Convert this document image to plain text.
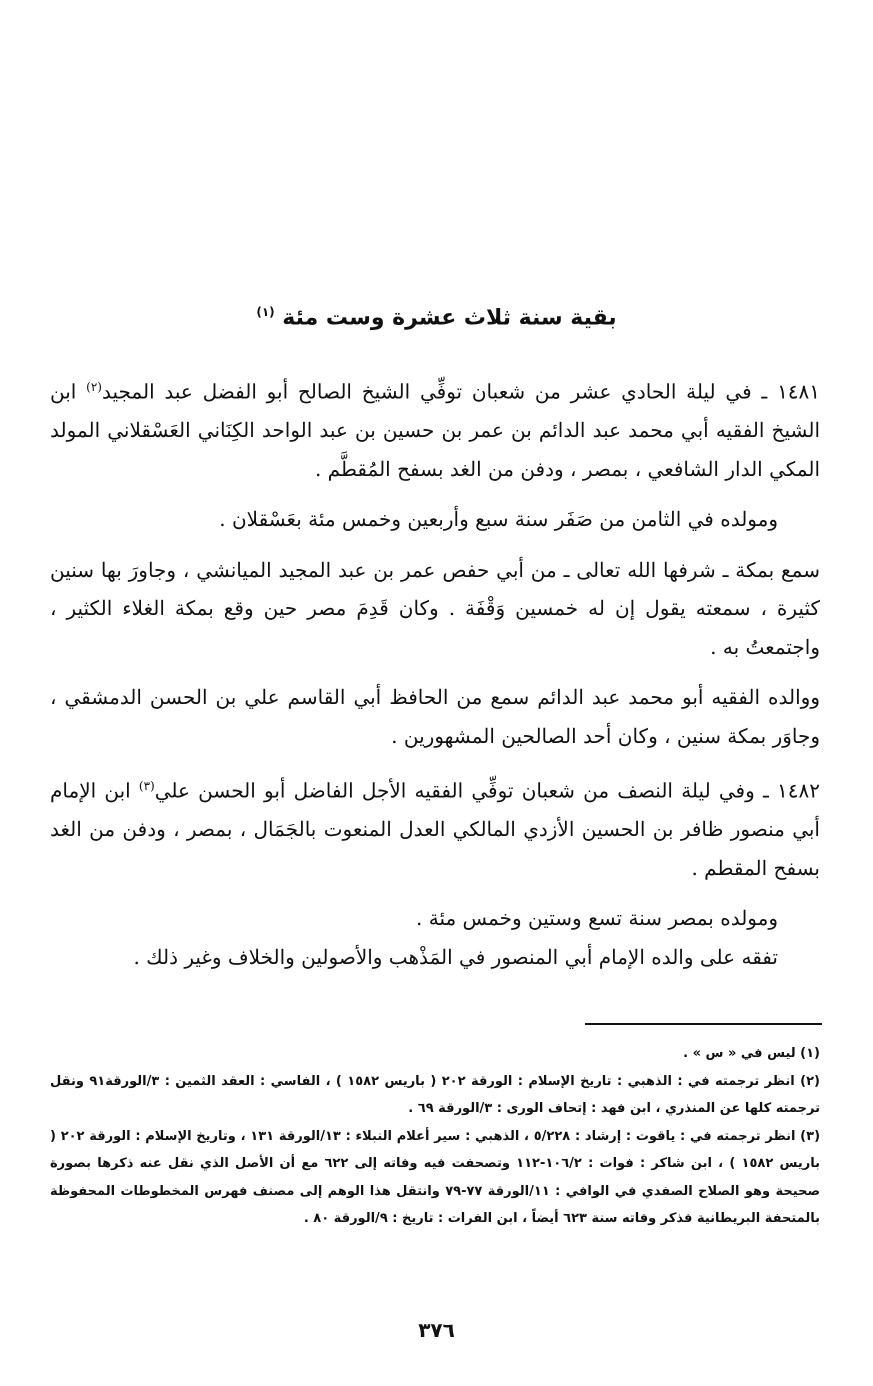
بقية سنة ثلاث عشرة وست مئة $^{(١)}$

١٤٨١ ـ في ليلة الحادي عشر من شعبان توفِّي الشيخ الصالح أبو الفضل عبد المجيد$^{(٢)}$ ابن الشيخ الفقيه أبي محمد عبد الدائم بن عمر بن حسين بن عبد الواحد الكِنَاني العَسْقلاني المولد المكي الدار الشافعي ، بمصر ، ودفن من الغد بسفح المُقطَّم .

ومولده في الثامن من صَفَر سنة سبع وأربعين وخمس مئة بعَسْقلان .

سمع بمكة ـ شرفها الله تعالى ـ من أبي حفص عمر بن عبد المجيد الميانشي ، وجاورَ بها سنين كثيرة ، سمعته يقول إن له خمسين وَقْفَة . وكان قَدِمَ مصر حين وقع بمكة الغلاء الكثير ، واجتمعتُ به .

ووالده الفقيه أبو محمد عبد الدائم سمع من الحافظ أبي القاسم علي بن الحسن الدمشقي ، وجاوَر بمكة سنين ، وكان أحد الصالحين المشهورين .

١٤٨٢ ـ وفي ليلة النصف من شعبان توفِّي الفقيه الأجل الفاضل أبو الحسن علي$^{(٣)}$ ابن الإمام أبي منصور ظافر بن الحسين الأزدي المالكي العدل المنعوت بالجَمَال ، بمصر ، ودفن من الغد بسفح المقطم .

ومولده بمصر سنة تسع وستين وخمس مئة .

تفقه على والده الإمام أبي المنصور في المَذْهب والأصولين والخلاف وغير ذلك .

(١) ليس في « س » .

(٢) انظر ترجمته في : الذهبي : تاريخ الإسلام : الورقة ٢٠٢ ( باريس ١٥٨٢ ) ، الفاسي : العقد الثمين : ٣/الورقة٩١ ونقل ترجمته كلها عن المنذري ، ابن فهد : إتحاف الورى : ٣/الورقة ٦٩ .

(٣) انظر ترجمته في : ياقوت : إرشاد : ٥/٢٢٨ ، الذهبي : سير أعلام النبلاء : ١٣/الورقة ١٣١ ، وتاريخ الإسلام : الورقة ٢٠٢ ( باريس ١٥٨٢ ) ، ابن شاكر : فوات : ١٠٦/٢-١١٢ وتصحفت فيه وفاته إلى ٦٢٢ مع أن الأصل الذي نقل عنه ذكرها بصورة صحيحة وهو الصلاح الصفدي في الوافي : ١١/الورقة ٧٧-٧٩ وانتقل هذا الوهم إلى مصنف فهرس المخطوطات المحفوظة بالمتحفة البريطانية فذكر وفاته سنة ٦٢٣ أيضاً ، ابن الفرات : تاريخ : ٩/الورقة ٨٠ .

٣٧٦
